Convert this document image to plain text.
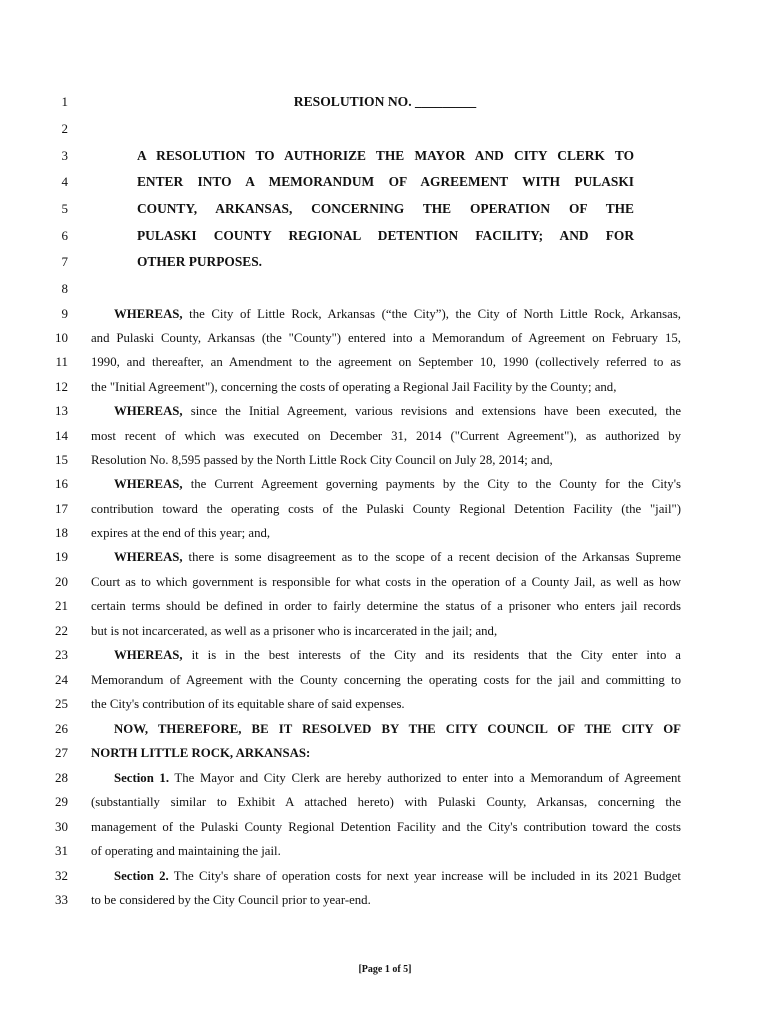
1
2
3
4
5
6
7
8
9
10
11
12
13
14
15
16
17
18
19
20
21
22
23
24
25
26
27
28
29
30
31
32
33
RESOLUTION NO. _________
A RESOLUTION TO AUTHORIZE THE MAYOR AND CITY CLERK TO
ENTER INTO A MEMORANDUM OF AGREEMENT WITH PULASKI
COUNTY, ARKANSAS, CONCERNING THE OPERATION OF THE
PULASKI COUNTY REGIONAL DETENTION FACILITY; AND FOR
OTHER PURPOSES.
WHEREAS, the City of Little Rock, Arkansas (“the City”), the City of North Little Rock, Arkansas,
and Pulaski County, Arkansas (the "County") entered into a Memorandum of Agreement on February 15,
1990, and thereafter, an Amendment to the agreement on September 10, 1990 (collectively referred to as
the "Initial Agreement"), concerning the costs of operating a Regional Jail Facility by the County; and,
WHEREAS, since the Initial Agreement, various revisions and extensions have been executed, the
most recent of which was executed on December 31, 2014 ("Current Agreement"), as authorized by
Resolution No. 8,595 passed by the North Little Rock City Council on July 28, 2014; and,
WHEREAS, the Current Agreement governing payments by the City to the County for the City's
contribution toward the operating costs of the Pulaski County Regional Detention Facility (the "jail")
expires at the end of this year; and,
WHEREAS, there is some disagreement as to the scope of a recent decision of the Arkansas Supreme
Court as to which government is responsible for what costs in the operation of a County Jail, as well as how
certain terms should be defined in order to fairly determine the status of a prisoner who enters jail records
but is not incarcerated, as well as a prisoner who is incarcerated in the jail; and,
WHEREAS, it is in the best interests of the City and its residents that the City enter into a
Memorandum of Agreement with the County concerning the operating costs for the jail and committing to
the City's contribution of its equitable share of said expenses.
NOW, THEREFORE, BE IT RESOLVED BY THE CITY COUNCIL OF THE CITY OF
NORTH LITTLE ROCK, ARKANSAS:
Section 1. The Mayor and City Clerk are hereby authorized to enter into a Memorandum of Agreement
(substantially similar to Exhibit A attached hereto) with Pulaski County, Arkansas, concerning the
management of the Pulaski County Regional Detention Facility and the City's contribution toward the costs
of operating and maintaining the jail.
Section 2. The City's share of operation costs for next year increase will be included in its 2021 Budget
to be considered by the City Council prior to year-end.
[Page 1 of 5]
